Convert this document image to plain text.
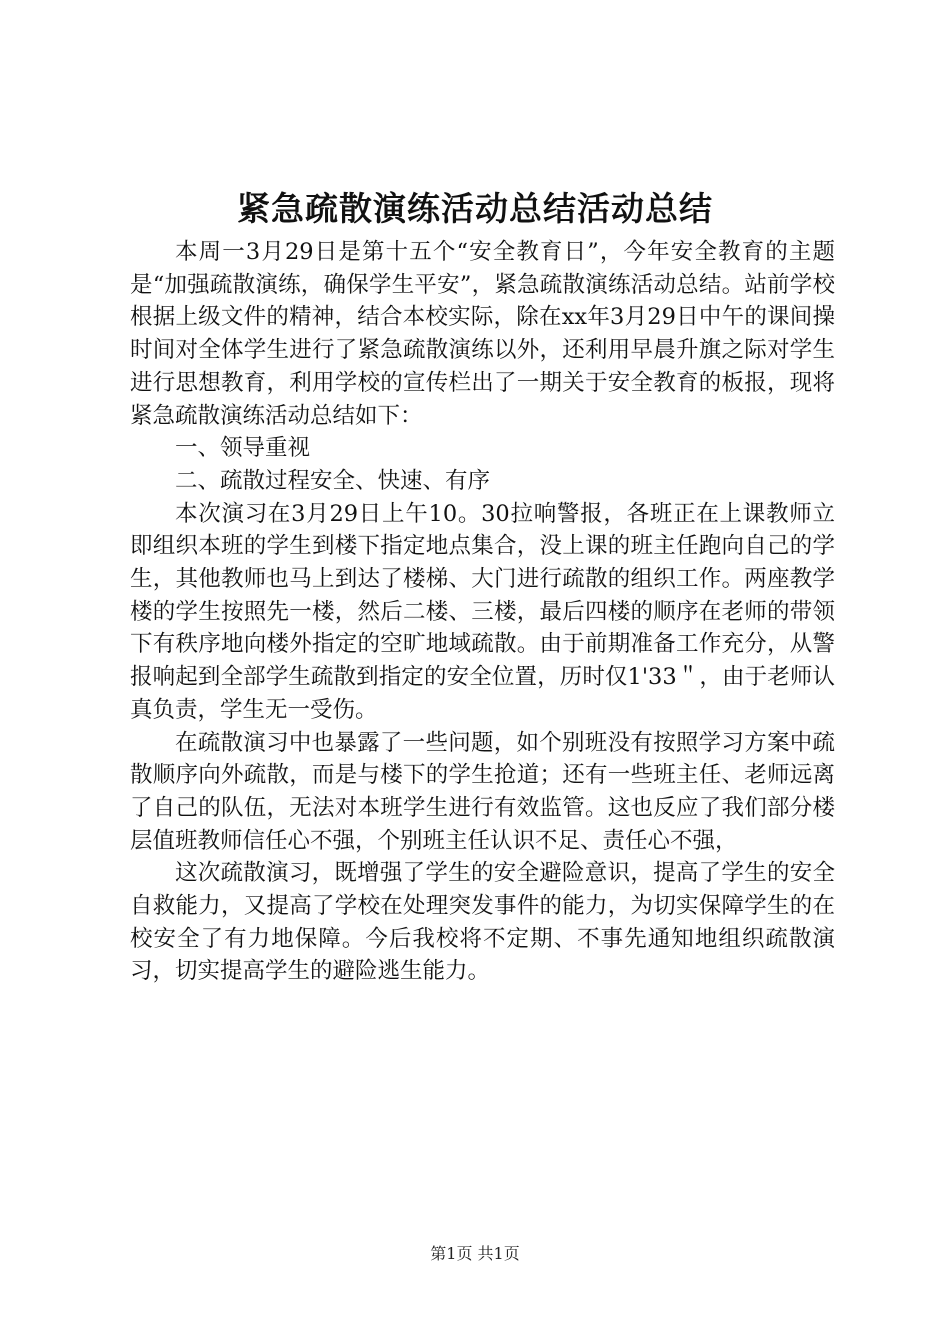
紧急疏散演练活动总结活动总结

本周一3月29日是第十五个“安全教育日”，今年安全教育的主题是“加强疏散演练，确保学生平安”，紧急疏散演练活动总结。站前学校根据上级文件的精神，结合本校实际，除在xx年3月29日中午的课间操时间对全体学生进行了紧急疏散演练以外，还利用早晨升旗之际对学生进行思想教育，利用学校的宣传栏出了一期关于安全教育的板报，现将紧急疏散演练活动总结如下：

一、领导重视

二、疏散过程安全、快速、有序

本次演习在3月29日上午10。30拉响警报，各班正在上课教师立即组织本班的学生到楼下指定地点集合，没上课的班主任跑向自己的学生，其他教师也马上到达了楼梯、大门进行疏散的组织工作。两座教学楼的学生按照先一楼，然后二楼、三楼，最后四楼的顺序在老师的带领下有秩序地向楼外指定的空旷地域疏散。由于前期准备工作充分，从警报响起到全部学生疏散到指定的安全位置，历时仅1'33＂，由于老师认真负责，学生无一受伤。

在疏散演习中也暴露了一些问题，如个别班没有按照学习方案中疏散顺序向外疏散，而是与楼下的学生抢道；还有一些班主任、老师远离了自己的队伍，无法对本班学生进行有效监管。这也反应了我们部分楼层值班教师信任心不强，个别班主任认识不足、责任心不强，

这次疏散演习，既增强了学生的安全避险意识，提高了学生的安全自救能力，又提高了学校在处理突发事件的能力，为切实保障学生的在校安全了有力地保障。今后我校将不定期、不事先通知地组织疏散演习，切实提高学生的避险逃生能力。

第1页 共1页
